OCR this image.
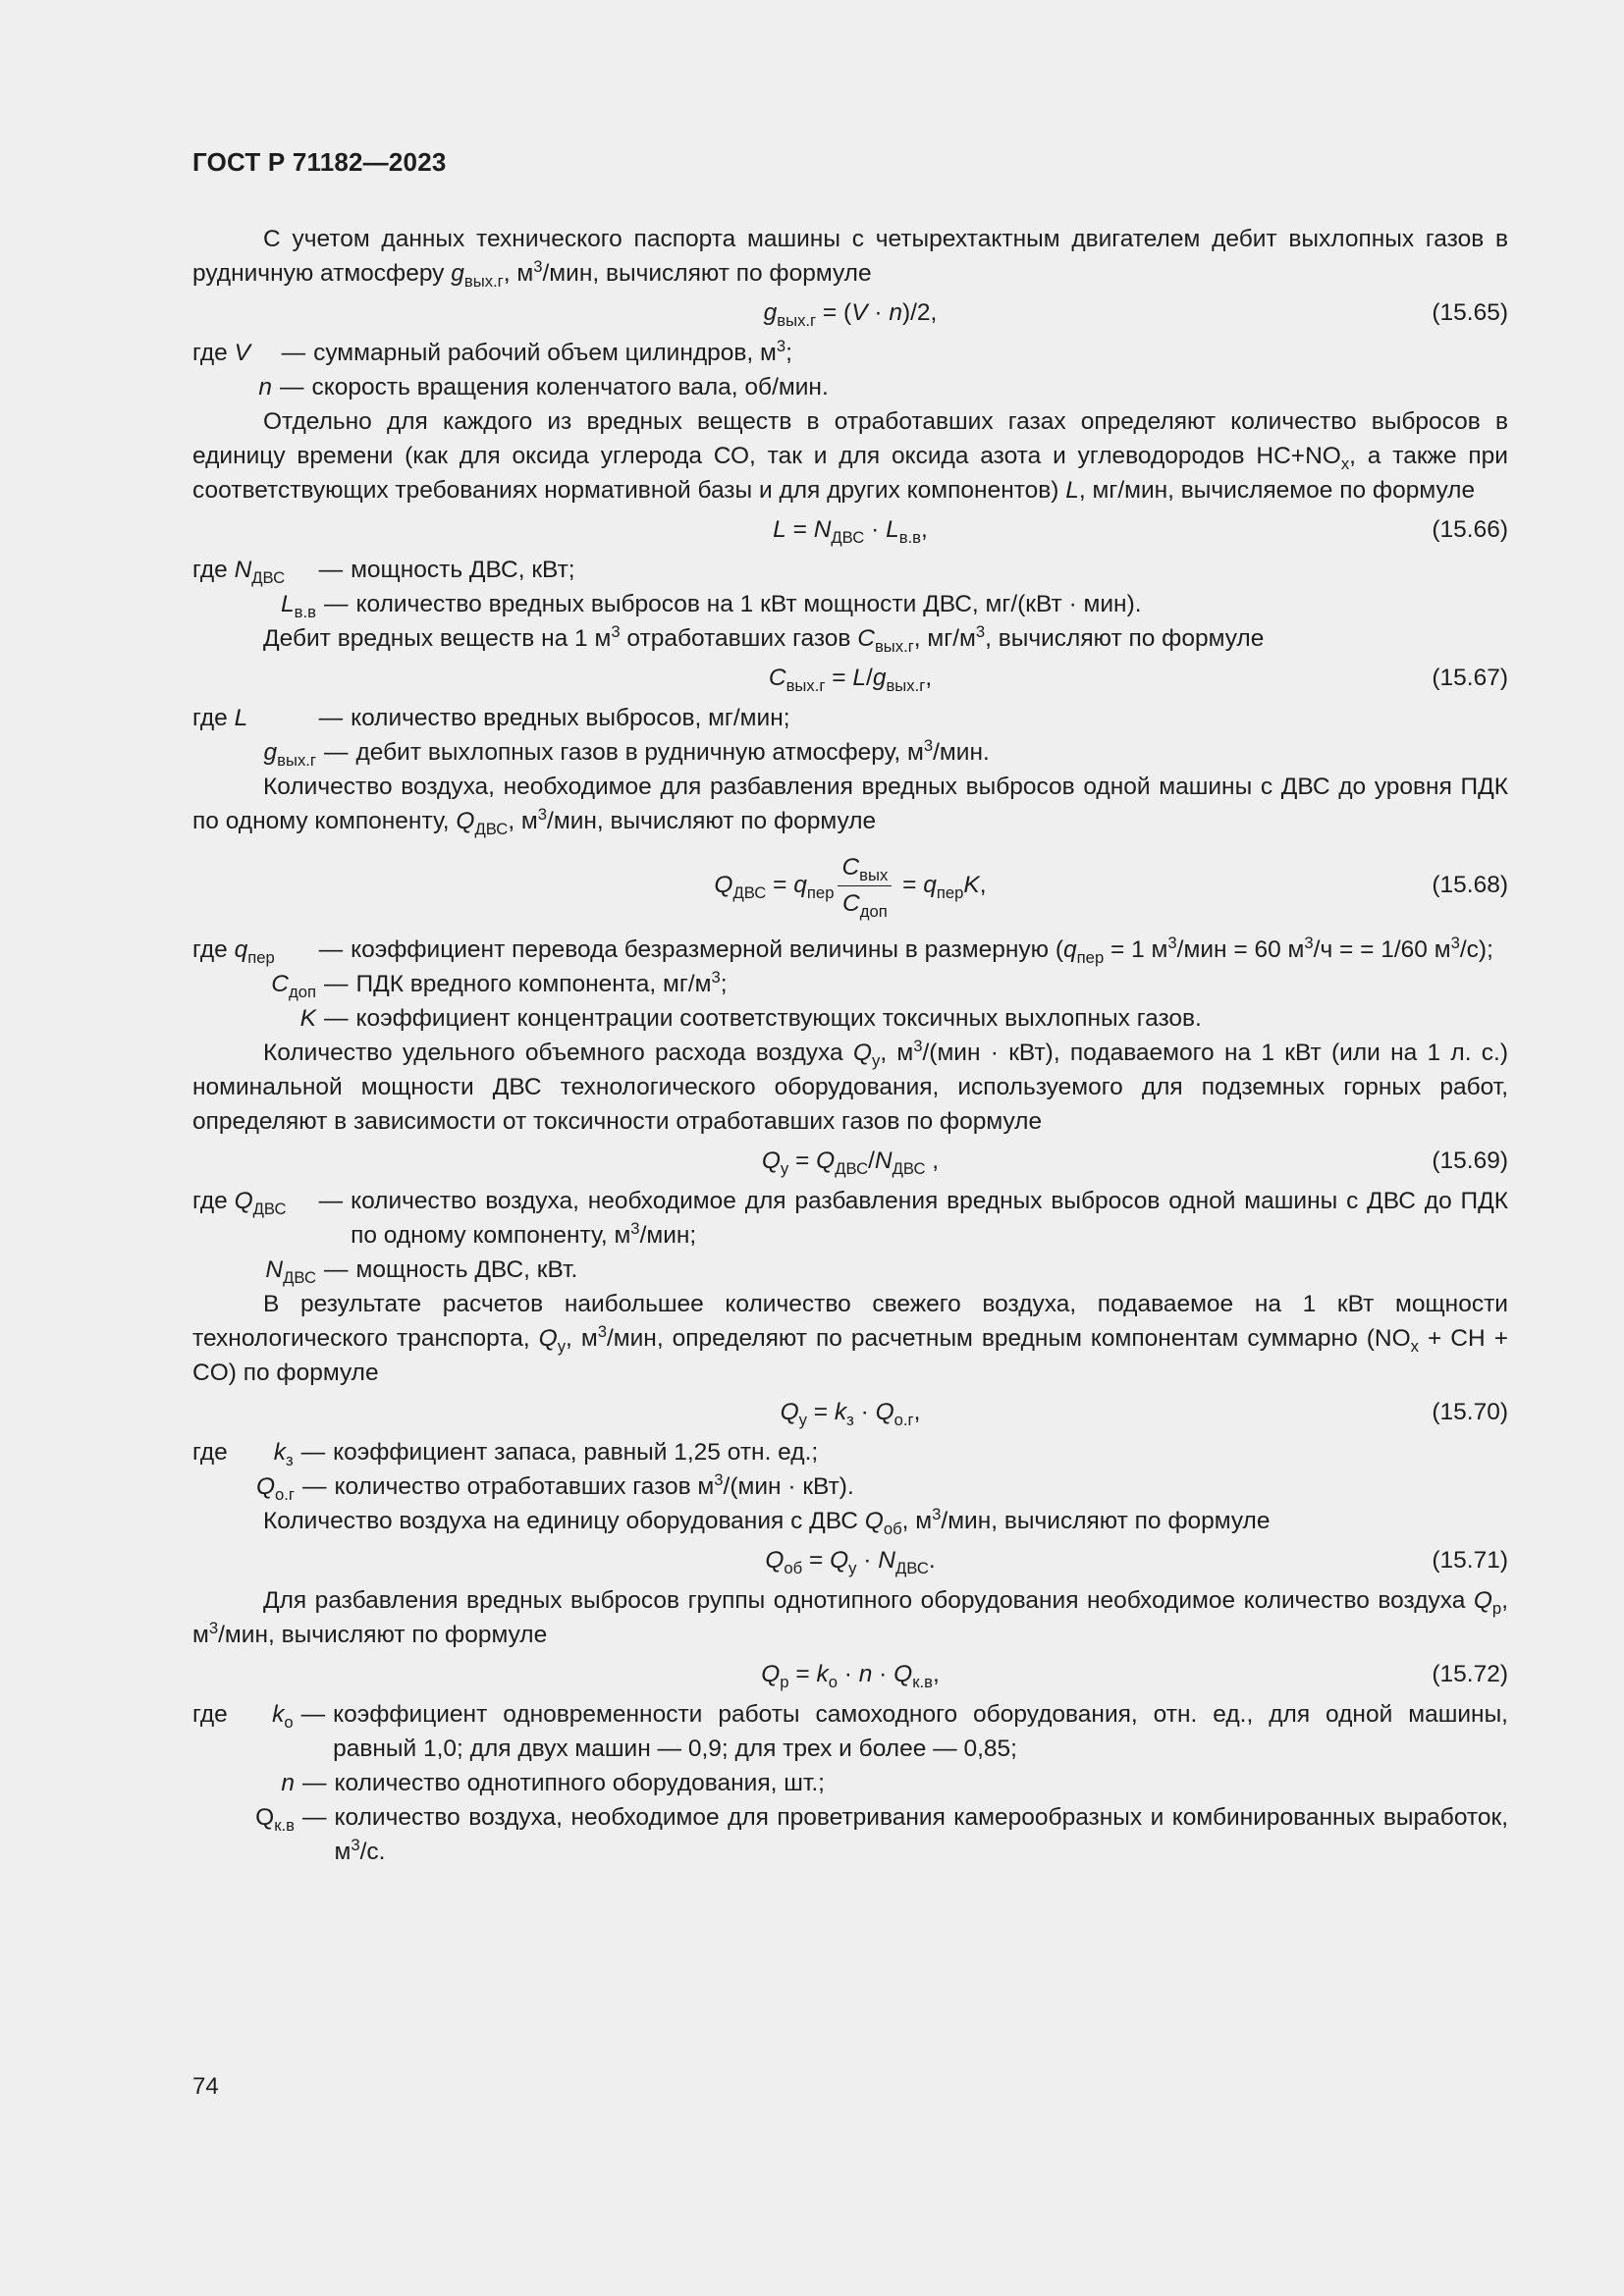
ГОСТ Р 71182—2023

С учетом данных технического паспорта машины с четырехтактным двигателем дебит выхлопных газов в рудничную атмосферу $g_{вых.г}$, $м^3$/мин, вычисляют по формуле

$g_{вых.г} = (V \cdot n)/2$,	(15.65)
где V	— суммарный рабочий объем цилиндров, $м^3$;
n — скорость вращения коленчатого вала, об/мин.

Отдельно для каждого из вредных веществ в отработавших газах определяют количество выбросов в единицу времени (как для оксида углерода СО, так и для оксида азота и углеводородов $НС+NO_x$, а также при соответствующих требованиях нормативной базы и для других компонентов) L, мг/мин, вычисляемое по формуле

$L = N_{ДВС} \cdot L_{в.в}$,	(15.66)
где $N_{ДВС}$	— мощность ДВС, кВт;
$L_{в.в}$ — количество вредных выбросов на 1 кВт мощности ДВС, мг/(кВт · мин).

Дебит вредных веществ на 1 $м^3$ отработавших газов $C_{вых.г}$, $мг/м^3$, вычисляют по формуле

$C_{вых.г} = L/g_{вых.г}$,	(15.67)
где L	— количество вредных выбросов, мг/мин;
$g_{вых.г}$ — дебит выхлопных газов в рудничную атмосферу, $м^3$/мин.

Количество воздуха, необходимое для разбавления вредных выбросов одной машины с ДВС до уровня ПДК по одному компоненту, $Q_{ДВС}$, $м^3$/мин, вычисляют по формуле

$Q_{ДВС} = q_{пер} \frac{C_{вых}}{C_{доп}} = q_{пер}K$,	(15.68)
где $q_{пер}$	— коэффициент перевода безразмерной величины в размерную ($q_{пер} = 1$ $м^3$/мин = 60 $м^3/ч$ = = 1/60 $м^3/с$);
$C_{доп}$ — ПДК вредного компонента, $мг/м^3$;
K — коэффициент концентрации соответствующих токсичных выхлопных газов.

Количество удельного объемного расхода воздуха $Q_у$, $м^3/(мин \cdot кВт)$, подаваемого на 1 кВт (или на 1 л. с.) номинальной мощности ДВС технологического оборудования, используемого для подземных горных работ, определяют в зависимости от токсичности отработавших газов по формуле

$Q_у = Q_{ДВС}/N_{ДВС}$ ,	(15.69)
где $Q_{ДВС}$	— количество воздуха, необходимое для разбавления вредных выбросов одной машины с ДВС до ПДК по одному компоненту, $м^3$/мин;
$N_{ДВС}$ — мощность ДВС, кВт.

В результате расчетов наибольшее количество свежего воздуха, подаваемое на 1 кВт мощности технологического транспорта, $Q_у$, $м^3$/мин, определяют по расчетным вредным компонентам суммарно ($NO_x$ + CH + CO) по формуле

$Q_у = k_з \cdot Q_{о.г}$,	(15.70)
где	$k_з$ — коэффициент запаса, равный 1,25 отн. ед.;
$Q_{о.г}$ — количество отработавших газов $м^3/(мин \cdot кВт)$.

Количество воздуха на единицу оборудования с ДВС $Q_{об}$, $м^3$/мин, вычисляют по формуле

$Q_{об} = Q_у \cdot N_{ДВС}$.	(15.71)

Для разбавления вредных выбросов группы однотипного оборудования необходимое количество воздуха $Q_р$, $м^3$/мин, вычисляют по формуле

$Q_р = k_о \cdot n \cdot Q_{к.в}$,	(15.72)
где	$k_о$ — коэффициент одновременности работы самоходного оборудования, отн. ед., для одной машины, равный 1,0; для двух машин — 0,9; для трех и более — 0,85;
n — количество однотипного оборудования, шт.;
$Q_{к.в}$ — количество воздуха, необходимое для проветривания камерообразных и комбинированных выработок, $м^3/с$.
74
